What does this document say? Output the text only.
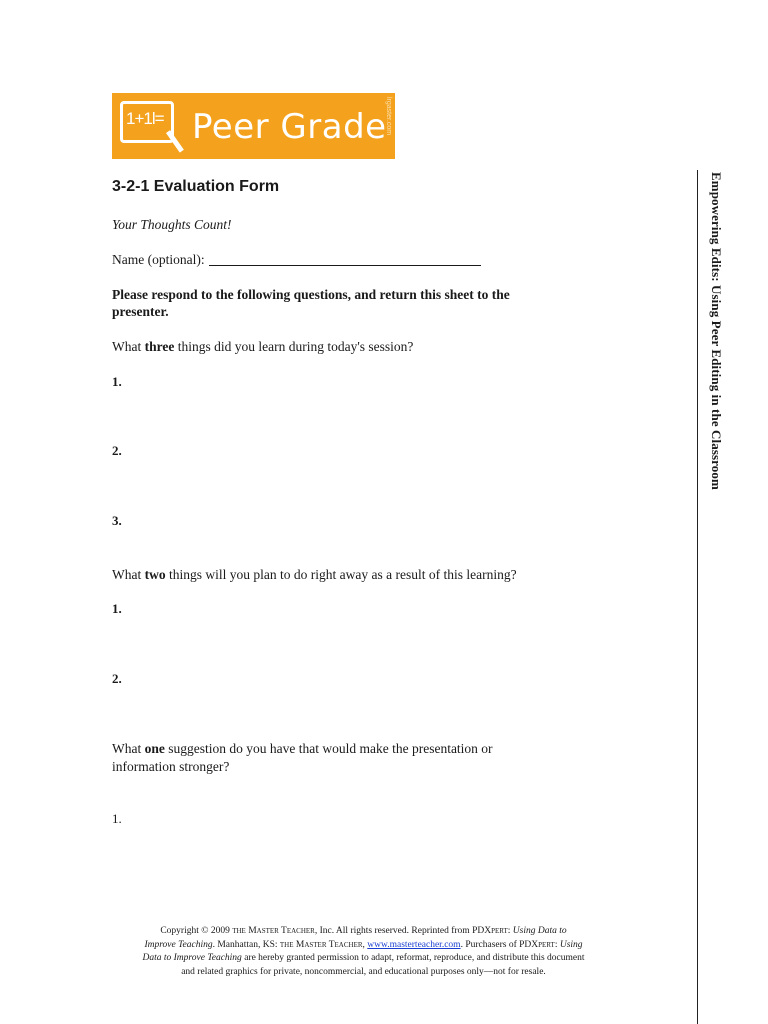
1+1l= Peer Grade
lrgaster.com
3-2-1 Evaluation Form
Your Thoughts Count!
Name (optional):
Please respond to the following questions, and return this sheet to the
presenter.
What three things did you learn during today's session?
1.
2.
3.
What two things will you plan to do right away as a result of this learning?
1.
2.
What one suggestion do you have that would make the presentation or
information stronger?
1.
Empowering Edits: Using Peer Editing in the Classroom
Copyright © 2009 the Master Teacher, Inc. All rights reserved. Reprinted from PDXpert: Using Data to
Improve Teaching. Manhattan, KS: the Master Teacher, www.masterteacher.com. Purchasers of PDXpert: Using
Data to Improve Teaching are hereby granted permission to adapt, reformat, reproduce, and distribute this document
and related graphics for private, noncommercial, and educational purposes only—not for resale.
